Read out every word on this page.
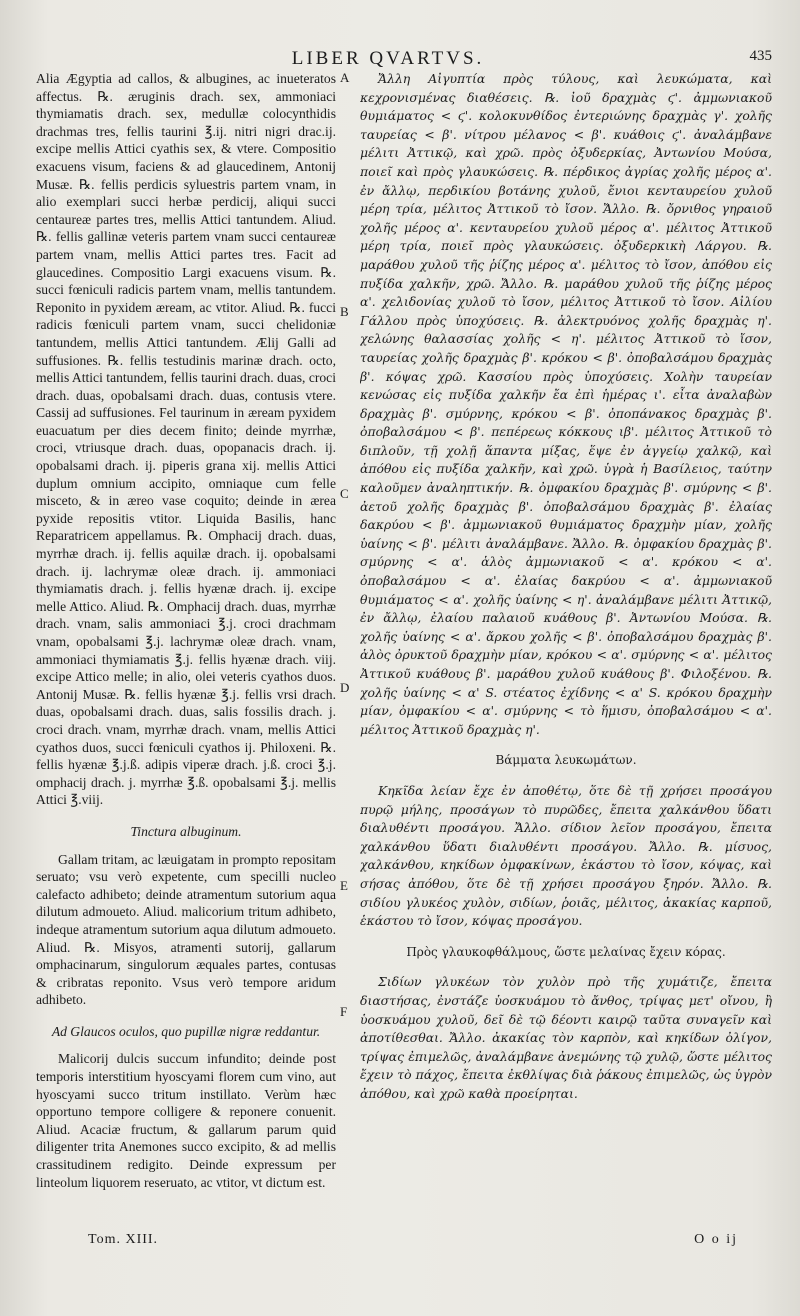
LIBER QVARTVS.	435

Alia Ægyptia ad callos, & albugines, ac inueteratos affectus. ℞. æruginis drach. sex, ammoniaci thymiamatis drach. sex, medullæ colocynthidis drachmas tres, fellis taurini ℥.ij. nitri nigri drac.ij. excipe mellis Attici cyathis sex, & vtere. Compositio exacuens visum, faciens & ad glaucedinem, Antonij Musæ. ℞. fellis perdicis syluestris partem vnam, in alio exemplari succi herbæ perdicij, aliqui succi centaureæ partes tres, mellis Attici tantundem. Aliud. ℞. fellis gallinæ veteris partem vnam succi centaureæ partem vnam, mellis Attici partes tres. Facit ad glaucedines. Compositio Largi exacuens visum. ℞. succi fœniculi radicis partem vnam, mellis tantundem. Reponito in pyxidem æream, ac vtitor. Aliud. ℞. fucci radicis fœniculi partem vnam, succi chelidoniæ tantundem, mellis Attici tantundem. Ælij Galli ad suffusiones. ℞. fellis testudinis marinæ drach. octo, mellis Attici tantundem, fellis taurini drach. duas, croci drach. duas, opobalsami drach. duas, contusis vtere. Cassij ad suffusiones. Fel taurinum in æream pyxidem euacuatum per dies decem finito; deinde myrrhæ, croci, vtriusque drach. duas, opopanacis drach. ij. opobalsami drach. ij. piperis grana xij. mellis Attici duplum omnium accipito, omniaque cum felle misceto, & in æreo vase coquito; deinde in ærea pyxide repositis vtitor. Liquida Basilis, hanc Reparatricem appellamus. ℞. Omphacij drach. duas, myrrhæ drach. ij. fellis aquilæ drach. ij. opobalsami drach. ij. lachrymæ oleæ drach. ij. ammoniaci thymiamatis drach. j. fellis hyænæ drach. ij. excipe melle Attico. Aliud. ℞. Omphacij drach. duas, myrrhæ drach. vnam, salis ammoniaci ℥.j. croci drachmam vnam, opobalsami ℥.j. lachrymæ oleæ drach. vnam, ammoniaci thymiamatis ℥.j. fellis hyænæ drach. viij. excipe Attico melle; in alio, olei veteris cyathos duos. Antonij Musæ. ℞. fellis hyænæ ℥.j. fellis vrsi drach. duas, opobalsami drach. duas, salis fossilis drach. j. croci drach. vnam, myrrhæ drach. vnam, mellis Attici cyathos duos, succi fœniculi cyathos ij. Philoxeni. ℞. fellis hyænæ ℥.j.ß. adipis viperæ drach. j.ß. croci ℥.j. omphacij drach. j. myrrhæ ℥.ß. opobalsami ℥.j. mellis Attici ℥.viij.

Tinctura albuginum.

Gallam tritam, ac læuigatam in prompto repositam seruato; vsu verò expetente, cum specilli nucleo calefacto adhibeto; deinde atramentum sutorium aqua dilutum admoueto. Aliud. malicorium tritum adhibeto, indeque atramentum sutorium aqua dilutum admoueto. Aliud. ℞. Misyos, atramenti sutorij, gallarum omphacinarum, singulorum æquales partes, contusas & cribratas reponito. Vsus verò tempore aridum adhibeto.

Ad Glaucos oculos, quo pupillæ nigræ reddantur.

Malicorij dulcis succum infundito; deinde post temporis interstitium hyoscyami florem cum vino, aut hyoscyami succo tritum instillato. Verùm hæc opportuno tempore colligere & reponere conuenit. Aliud. Acaciæ fructum, & gallarum parum quid diligenter trita Anemones succo excipito, & ad mellis crassitudinem redigito. Deinde expressum per linteolum liquorem reseruato, ac vtitor, vt dictum est.

A
B
C
D
E
F

Ἄλλη Αἰγυπτία πρὸς τύλους, καὶ λευκώματα, καὶ κεχρονισμένας διαθέσεις. ℞. ἰοῦ δραχμὰς ϛ'. ἀμμωνιακοῦ θυμιάματος < ϛ'. κολοκυνθίδος ἐντεριώνης δραχμὰς γ'. χολῆς ταυρείας < β'. νίτρου μέλανος < β'. κυάθοις ϛ'. ἀναλάμβανε μέλιτι Ἀττικῷ, καὶ χρῶ. πρὸς ὀξυδερκίας, Ἀντωνίου Μούσα, ποιεῖ καὶ πρὸς γλαυκώσεις. ℞. πέρδικος ἀγρίας χολῆς μέρος α'. ἐν ἄλλῳ, περδικίου βοτάνης χυλοῦ, ἔνιοι κενταυρείου χυλοῦ μέρη τρία, μέλιτος Ἀττικοῦ τὸ ἴσον. Ἄλλο. ℞. ὄρνιθος γηραιοῦ χολῆς μέρος α'. κενταυρείου χυλοῦ μέρος α'. μέλιτος Ἀττικοῦ μέρη τρία, ποιεῖ πρὸς γλαυκώσεις. ὀξυδερκικὴ Λάργου. ℞. μαράθου χυλοῦ τῆς ῥίζης μέρος α'. μέλιτος τὸ ἴσον, ἀπόθου εἰς πυξίδα χαλκῆν, χρῶ. Ἄλλο. ℞. μαράθου χυλοῦ τῆς ῥίζης μέρος α'. χελιδονίας χυλοῦ τὸ ἴσον, μέλιτος Ἀττικοῦ τὸ ἴσον. Αἰλίου Γάλλου πρὸς ὑποχύσεις. ℞. ἀλεκτρυόνος χολῆς δραχμὰς η'. χελώνης θαλασσίας χολῆς < η'. μέλιτος Ἀττικοῦ τὸ ἴσον, ταυρείας χολῆς δραχμὰς β'. κρόκου < β'. ὀποβαλσάμου δραχμὰς β'. κόψας χρῶ. Κασσίου πρὸς ὑποχύσεις. Χολὴν ταυρείαν κενώσας εἰς πυξίδα χαλκῆν ἔα ἐπὶ ἡμέρας ι'. εἶτα ἀναλαβὼν δραχμὰς β'. σμύρνης, κρόκου < β'. ὀποπάνακος δραχμὰς β'. ὀποβαλσάμου < β'. πεπέρεως κόκκους ιβ'. μέλιτος Ἀττικοῦ τὸ διπλοῦν, τῇ χολῇ ἅπαντα μίξας, ἕψε ἐν ἀγγείῳ χαλκῷ, καὶ ἀπόθου εἰς πυξίδα χαλκῆν, καὶ χρῶ. ὑγρὰ ἡ Βασίλειος, ταύτην καλοῦμεν ἀναληπτικήν. ℞. ὀμφακίου δραχμὰς β'. σμύρνης < β'. ἀετοῦ χολῆς δραχμὰς β'. ὀποβαλσάμου δραχμὰς β'. ἐλαίας δακρύου < β'. ἀμμωνιακοῦ θυμιάματος δραχμὴν μίαν, χολῆς ὑαίνης < β'. μέλιτι ἀναλάμβανε. Ἄλλο. ℞. ὀμφακίου δραχμὰς β'. σμύρνης < α'. ἁλὸς ἀμμωνιακοῦ < α'. κρόκου < α'. ὀποβαλσάμου < α'. ἐλαίας δακρύου < α'. ἀμμωνιακοῦ θυμιάματος < α'. χολῆς ὑαίνης < η'. ἀναλάμβανε μέλιτι Ἀττικῷ, ἐν ἄλλῳ, ἐλαίου παλαιοῦ κυάθους β'. Ἀντωνίου Μούσα. ℞. χολῆς ὑαίνης < α'. ἄρκου χολῆς < β'. ὀποβαλσάμου δραχμὰς β'. ἁλὸς ὀρυκτοῦ δραχμὴν μίαν, κρόκου < α'. σμύρνης < α'. μέλιτος Ἀττικοῦ κυάθους β'. μαράθου χυλοῦ κυάθους β'. Φιλοξένου. ℞. χολῆς ὑαίνης < α' S. στέατος ἐχίδνης < α' S. κρόκου δραχμὴν μίαν, ὀμφακίου < α'. σμύρνης < τὸ ἥμισυ, ὀποβαλσάμου < α'. μέλιτος Ἀττικοῦ δραχμὰς η'.

Βάμματα λευκωμάτων.

Κηκῖδα λείαν ἔχε ἐν ἀποθέτῳ, ὅτε δὲ τῇ χρήσει προσάγου πυρῷ μήλης, προσάγων τὸ πυρῶδες, ἔπειτα χαλκάνθου ὕδατι διαλυθέντι προσάγου. Ἄλλο. σίδιον λεῖον προσάγου, ἔπειτα χαλκάνθου ὕδατι διαλυθέντι προσάγου. Ἄλλο. ℞. μίσυος, χαλκάνθου, κηκίδων ὀμφακίνων, ἑκάστου τὸ ἴσον, κόψας, καὶ σήσας ἀπόθου, ὅτε δὲ τῇ χρήσει προσάγου ξηρόν. Ἄλλο. ℞. σιδίου γλυκέος χυλὸν, σιδίων, ῥοιᾶς, μέλιτος, ἀκακίας καρποῦ, ἑκάστου τὸ ἴσον, κόψας προσάγου.

Πρὸς γλαυκοφθάλμους, ὥστε μελαίνας ἔχειν κόρας.

Σιδίων γλυκέων τὸν χυλὸν πρὸ τῆς χυμάτιζε, ἔπειτα διαστήσας, ἐνστάζε ὑοσκυάμου τὸ ἄνθος, τρίψας μετ' οἴνου, ἢ ὑοσκυάμου χυλοῦ, δεῖ δὲ τῷ δέοντι καιρῷ ταῦτα συναγεῖν καὶ ἀποτίθεσθαι. Ἄλλο. ἀκακίας τὸν καρπὸν, καὶ κηκίδων ὀλίγον, τρίψας ἐπιμελῶς, ἀναλάμβανε ἀνεμώνης τῷ χυλῷ, ὥστε μέλιτος ἔχειν τὸ πάχος, ἔπειτα ἐκθλίψας διὰ ῥάκους ἐπιμελῶς, ὡς ὑγρὸν ἀπόθου, καὶ χρῶ καθὰ προείρηται.

Tom. XIII.	O o ij
